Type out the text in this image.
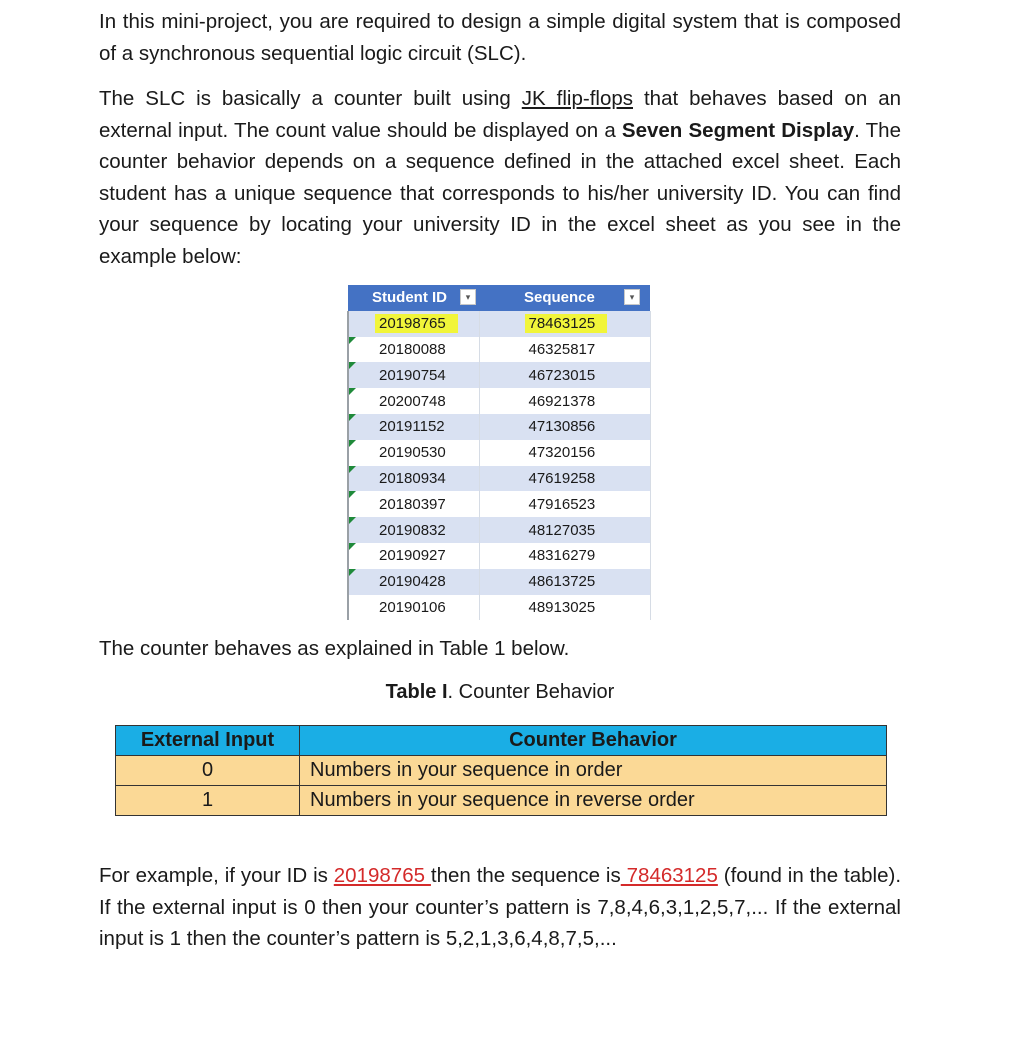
In this mini-project, you are required to design a simple digital system that is composed of a synchronous sequential logic circuit (SLC).

The SLC is basically a counter built using JK flip-flops that behaves based on an external input. The count value should be displayed on a Seven Segment Display. The counter behavior depends on a sequence defined in the attached excel sheet. Each student has a unique sequence that corresponds to his/her university ID. You can find your sequence by locating your university ID in the excel sheet as you see in the example below:

Student ID ▾	Sequence ▾

20198765	78463125

20180088	46325817

20190754	46723015

20200748	46921378

20191152	47130856

20190530	47320156

20180934	47619258

20180397	47916523

20190832	48127035

20190927	48316279

20190428	48613725
20190106	48913025

The counter behaves as explained in Table 1 below.

Table I. Counter Behavior

External Input	Counter Behavior
0	Numbers in your sequence in order
1	Numbers in your sequence in reverse order

For example, if your ID is 20198765 then the sequence is 78463125 (found in the table). If the external input is 0 then your counter’s pattern is 7,8,4,6,3,1,2,5,7,... If the external input is 1 then the counter’s pattern is 5,2,1,3,6,4,8,7,5,...
